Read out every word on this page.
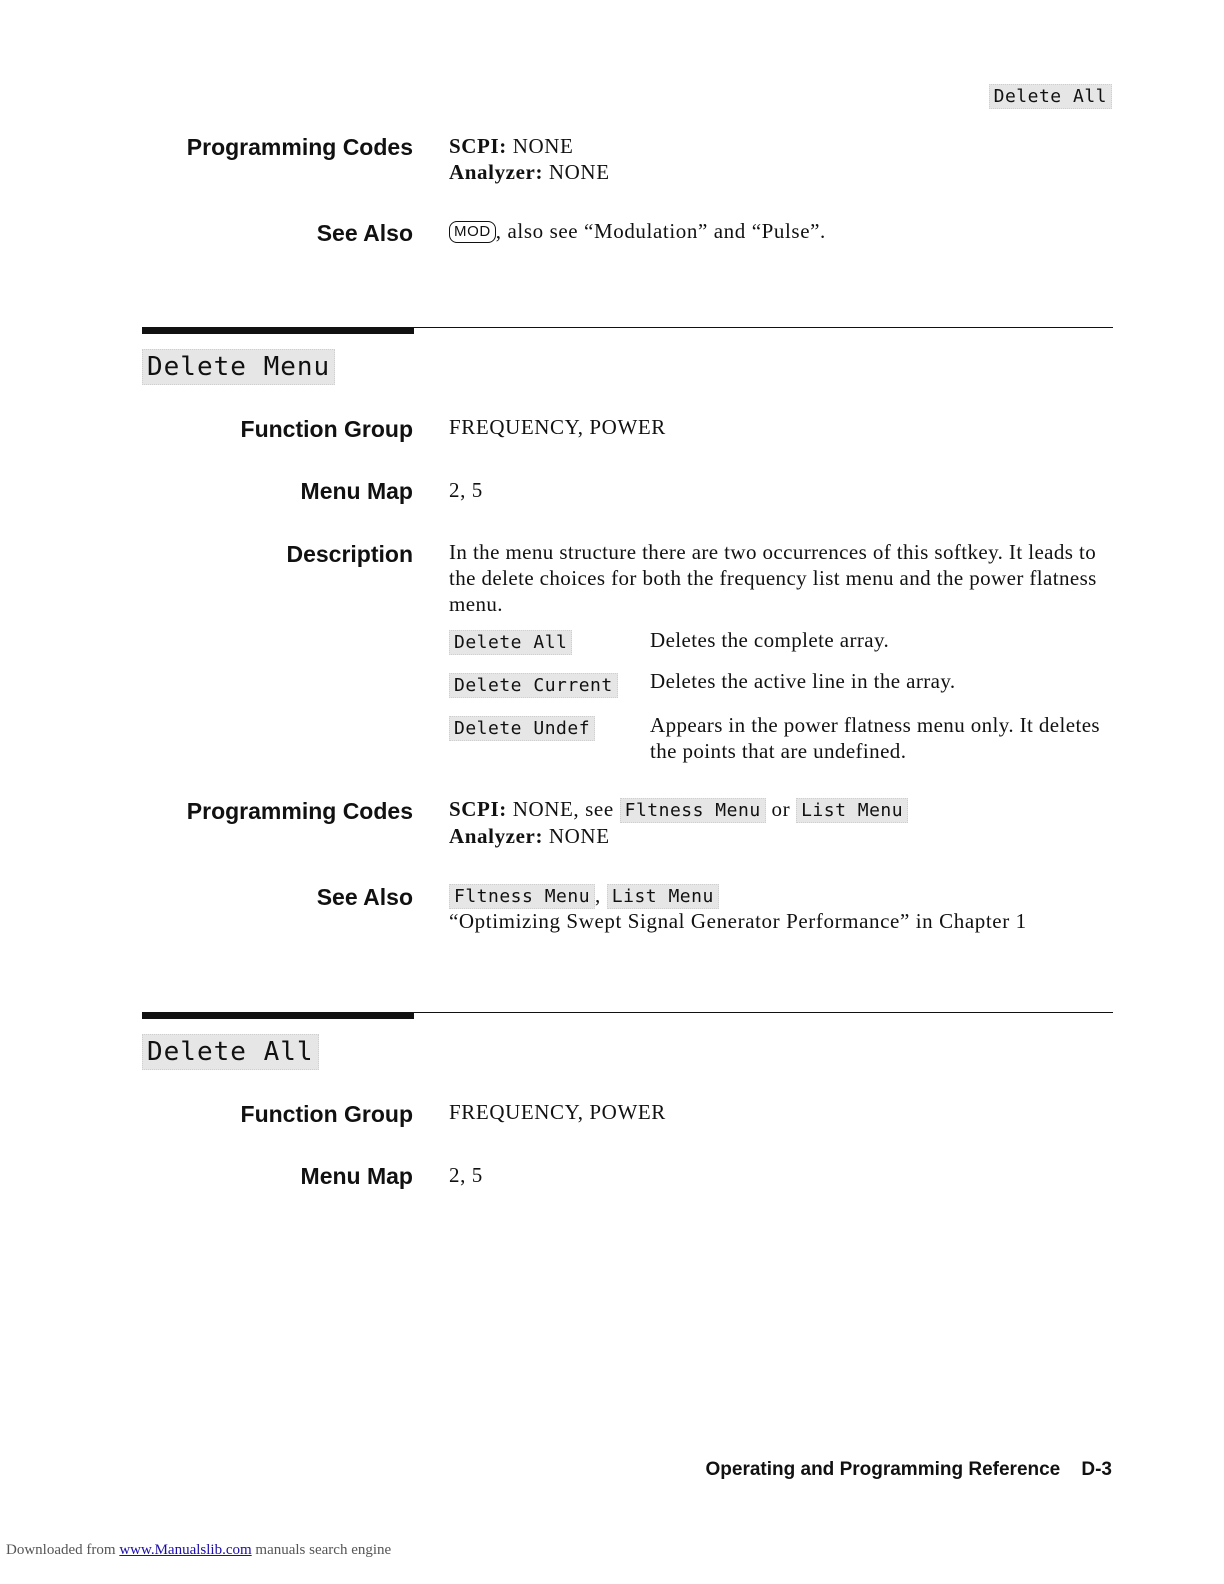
Delete All
Programming Codes SCPI: NONE
Analyzer: NONE
See Also	MOD , also see “Modulation” and “Pulse”.
Delete Menu
Function Group FREQUENCY, POWER
Menu Map 2, 5
Description In the menu structure there are two occurrences of this softkey. It leads to the delete choices for both the frequency list menu and the power flatness menu.
Delete All	Deletes the complete array.
Delete Current Deletes the active line in the array.
Delete Undef	Appears in the power flatness menu only. It deletes the points that are undefined.
Programming Codes SCPI: NONE, see Fltness Menu or List Menu
Analyzer: NONE
See Also Fltness Menu , List Menu
“Optimizing Swept Signal Generator Performance” in Chapter 1
Delete All
Function Group FREQUENCY, POWER
Menu Map 2, 5
Operating and Programming Reference D-3
Downloaded from www.Manualslib.com manuals search engine
